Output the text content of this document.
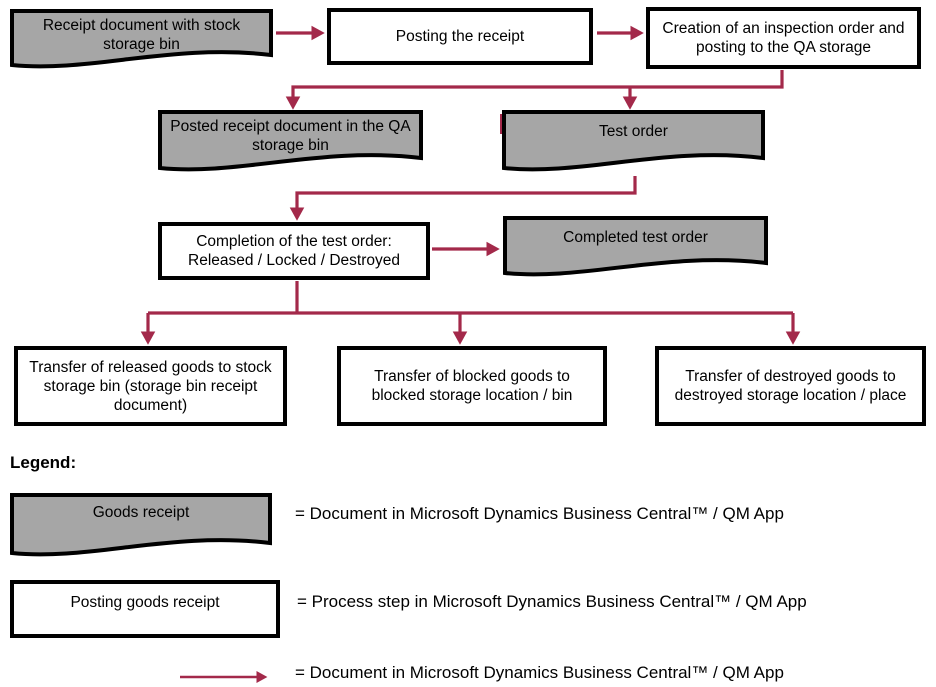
Receipt document with stock storage bin	Posting the receipt	Creation of an inspection order and posting to the QA storage
Posted receipt document in the QA storage bin
Test order
Completion of the test order: Released / Locked / Destroyed
Completed test order
Transfer of released goods to stock storage bin (storage bin receipt document)
Transfer of blocked goods to blocked storage location / bin
Transfer of destroyed goods to destroyed storage location / place
Legend:
Goods receipt	= Document in Microsoft Dynamics Business Central™ / QM App
Posting goods receipt	= Process step in Microsoft Dynamics Business Central™ / QM App
= Document in Microsoft Dynamics Business Central™ / QM App
